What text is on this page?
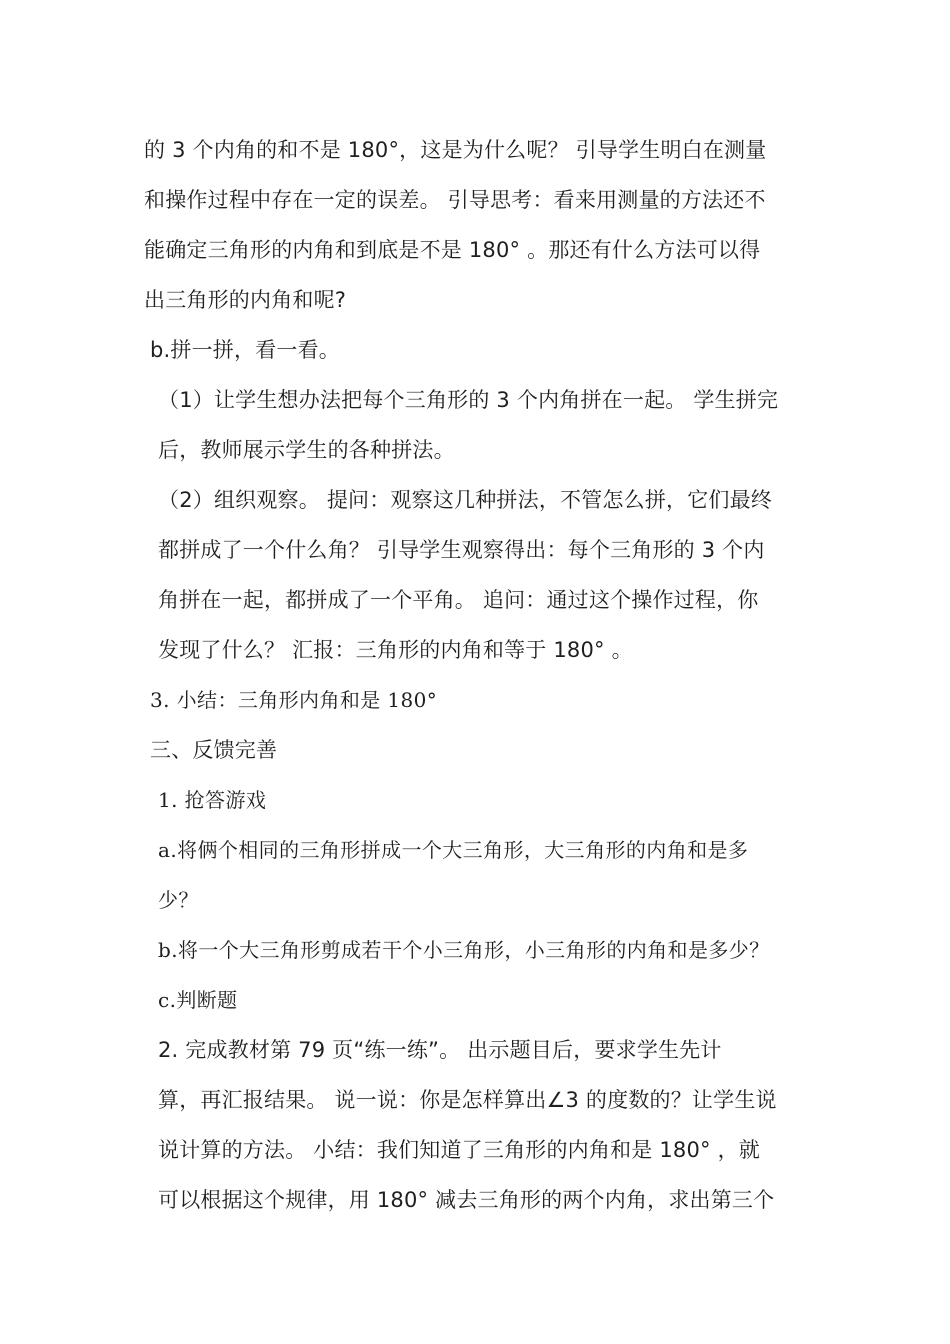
的 3 个内角的和不是 180°，这是为什么呢？ 引导学生明白在测量
和操作过程中存在一定的误差。 引导思考：看来用测量的方法还不
能确定三角形的内角和到底是不是 180° 。那还有什么方法可以得
出三角形的内角和呢?
b.拼一拼，看一看。
（1）让学生想办法把每个三角形的 3 个内角拼在一起。 学生拼完
后，教师展示学生的各种拼法。
（2）组织观察。 提问：观察这几种拼法，不管怎么拼，它们最终
都拼成了一个什么角？ 引导学生观察得出：每个三角形的 3 个内
角拼在一起，都拼成了一个平角。 追问：通过这个操作过程，你
发现了什么？ 汇报：三角形的内角和等于 180° 。
3. 小结：三角形内角和是 180°
三、反馈完善
1. 抢答游戏
a.将俩个相同的三角形拼成一个大三角形，大三角形的内角和是多
少？
b.将一个大三角形剪成若干个小三角形，小三角形的内角和是多少？
c.判断题
2. 完成教材第 79 页“练一练”。 出示题目后，要求学生先计
算，再汇报结果。 说一说：你是怎样算出∠3 的度数的？让学生说
说计算的方法。 小结：我们知道了三角形的内角和是 180° ，就
可以根据这个规律，用 180° 减去三角形的两个内角，求出第三个
